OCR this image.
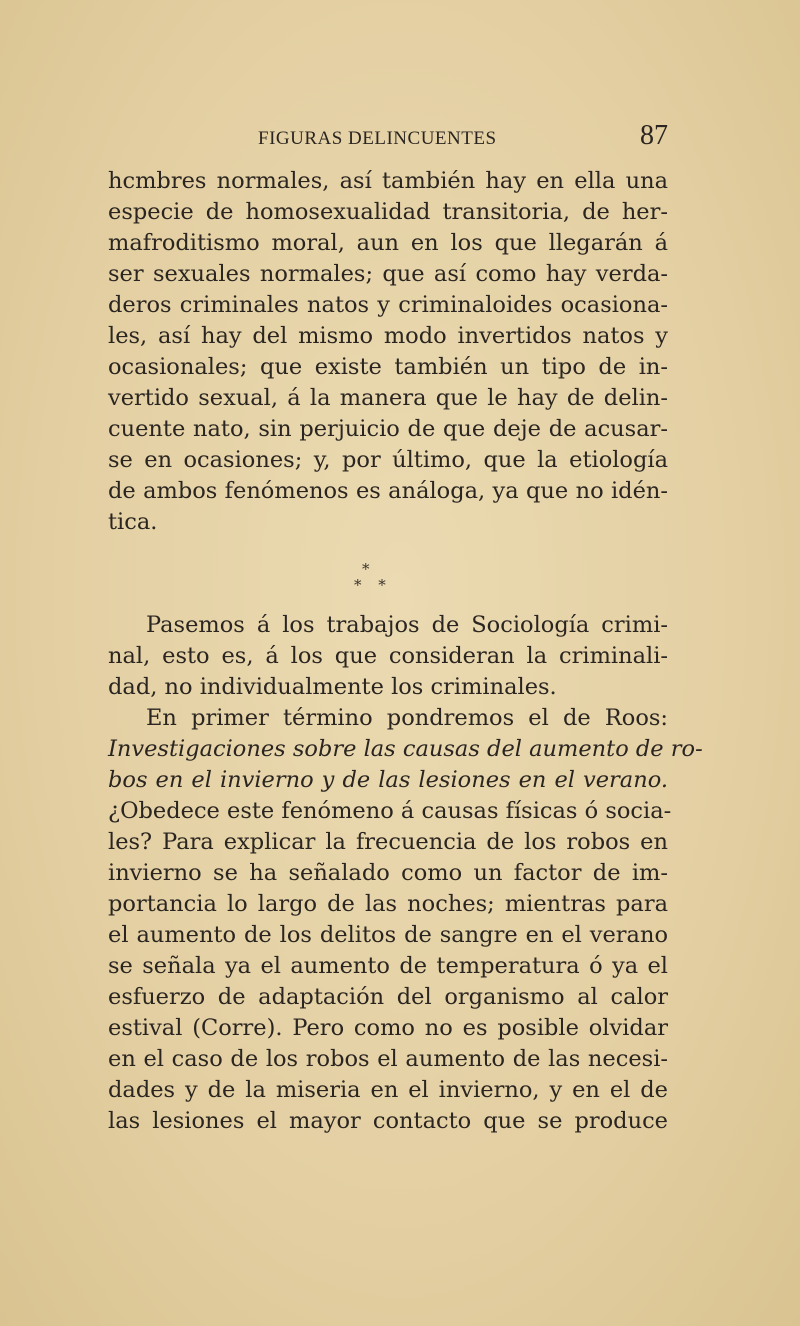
FIGURAS DELINCUENTES	87
hcmbres normales, así también hay en ella una
especie de homosexualidad transitoria, de her-
mafroditismo moral, aun en los que llegarán á
ser sexuales normales; que así como hay verda-
deros criminales natos y criminaloides ocasiona-
les, así hay del mismo modo invertidos natos y
ocasionales; que existe también un tipo de in-
vertido sexual, á la manera que le hay de delin-
cuente nato, sin perjuicio de que deje de acusar-
se en ocasiones; y, por último, que la etiología
de ambos fenómenos es análoga, ya que no idén-
tica.
*
* *
Pasemos á los trabajos de Sociología crimi-
nal, esto es, á los que consideran la criminali-
dad, no individualmente los criminales.
En primer término pondremos el de Roos:
Investigaciones sobre las causas del aumento de ro-
bos en el invierno y de las lesiones en el verano.
¿Obedece este fenómeno á causas físicas ó socia-
les? Para explicar la frecuencia de los robos en
invierno se ha señalado como un factor de im-
portancia lo largo de las noches; mientras para
el aumento de los delitos de sangre en el verano
se señala ya el aumento de temperatura ó ya el
esfuerzo de adaptación del organismo al calor
estival (Corre). Pero como no es posible olvidar
en el caso de los robos el aumento de las necesi-
dades y de la miseria en el invierno, y en el de
las lesiones el mayor contacto que se produce
